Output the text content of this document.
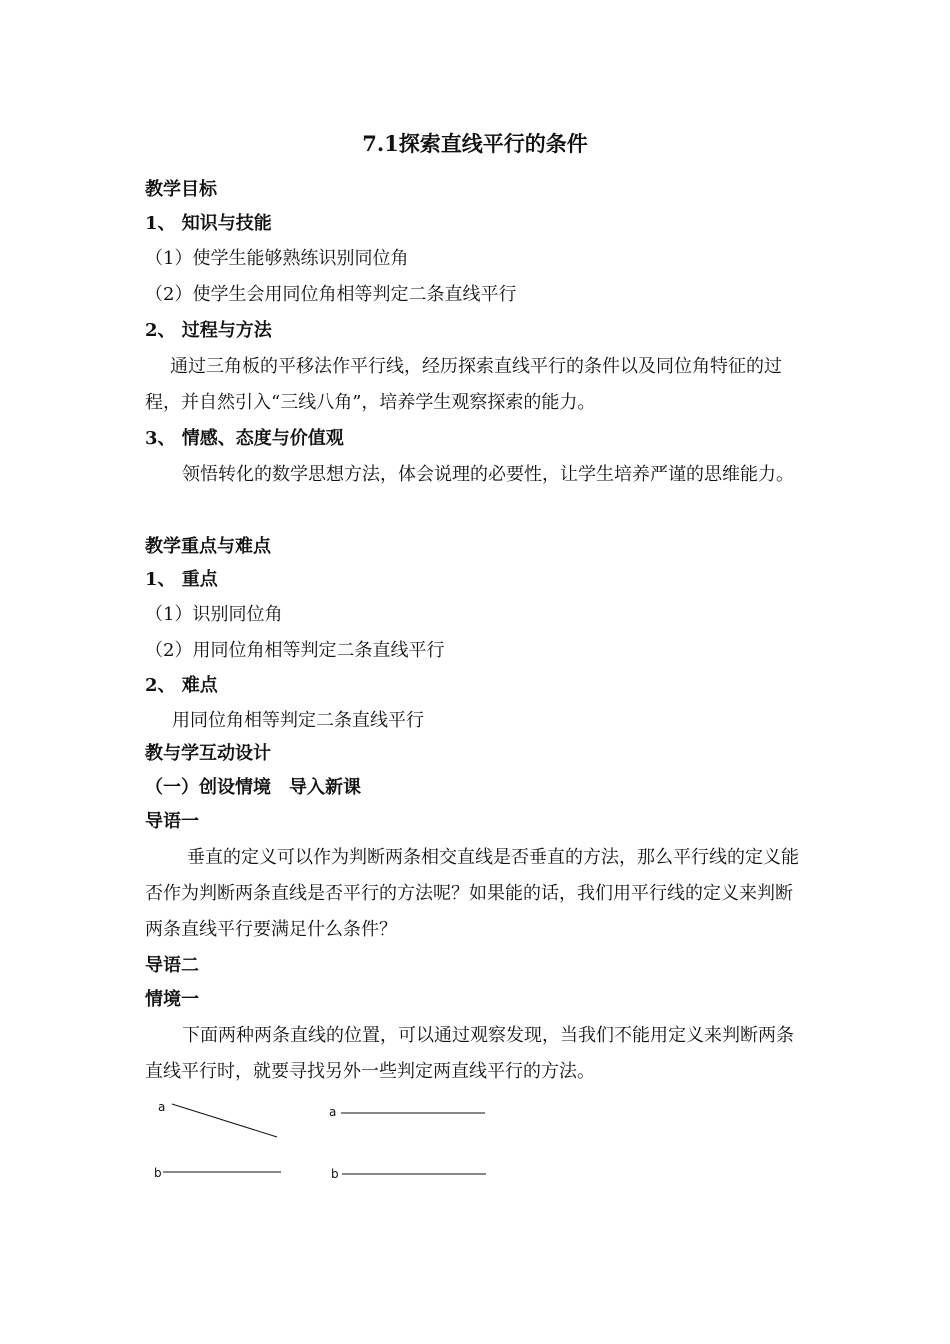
7.1探索直线平行的条件
教学目标
1、 知识与技能
（1）使学生能够熟练识别同位角
（2）使学生会用同位角相等判定二条直线平行
2、 过程与方法
通过三角板的平移法作平行线，经历探索直线平行的条件以及同位角特征的过程，并自然引入“三线八角”，培养学生观察探索的能力。
3、 情感、态度与价值观
领悟转化的数学思想方法，体会说理的必要性，让学生培养严谨的思维能力。
教学重点与难点
1、 重点
（1）识别同位角
（2）用同位角相等判定二条直线平行
2、 难点
用同位角相等判定二条直线平行
教与学互动设计
（一）创设情境　导入新课
导语一
垂直的定义可以作为判断两条相交直线是否垂直的方法，那么平行线的定义能否作为判断两条直线是否平行的方法呢？如果能的话，我们用平行线的定义来判断两条直线平行要满足什么条件？
导语二
情境一
下面两种两条直线的位置，可以通过观察发现，当我们不能用定义来判断两条直线平行时，就要寻找另外一些判定两直线平行的方法。
a
b
a
b
